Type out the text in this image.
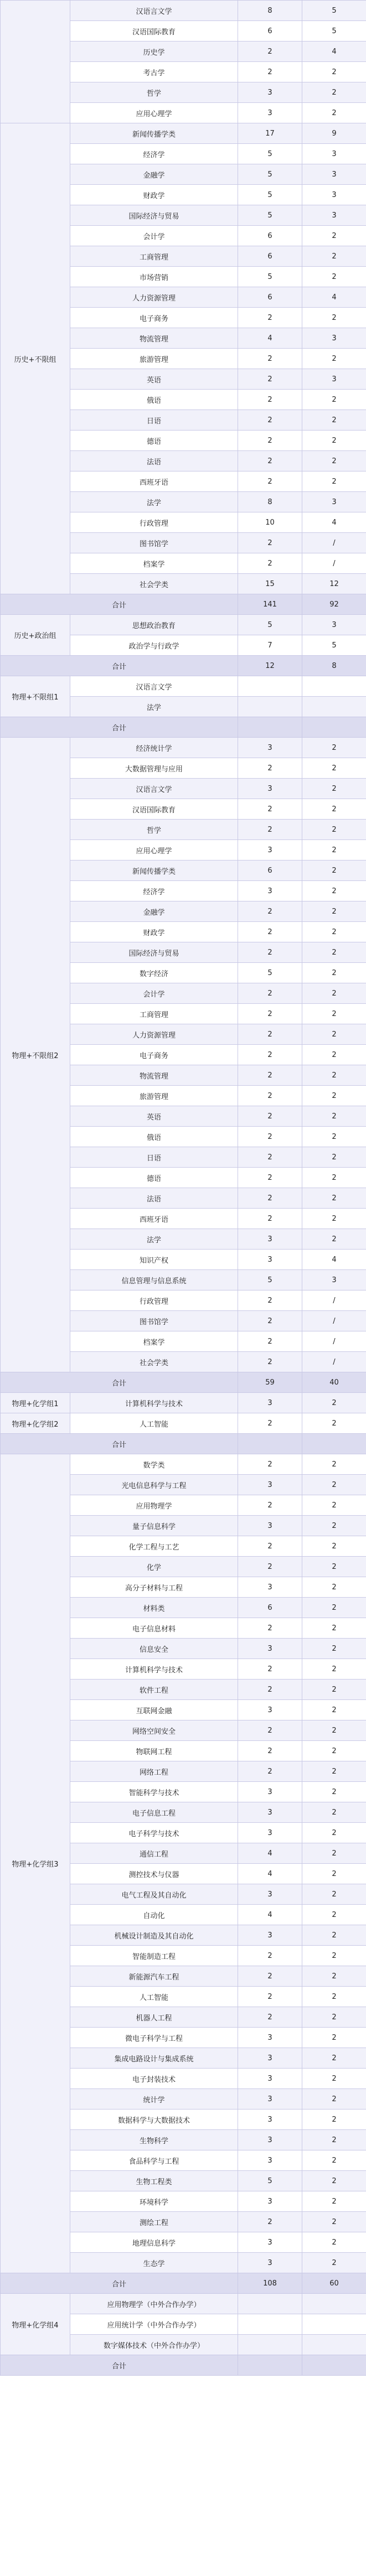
	汉语言文学	8	5
	汉语国际教育	6	5
	历史学	2	4
	考古学	2	2
	哲学	3	2
	应用心理学	3	2
历史+不限组	新闻传播学类	17	9
	经济学	5	3
	金融学	5	3
	财政学	5	3
	国际经济与贸易	5	3
	会计学	6	2
	工商管理	6	2
	市场营销	5	2
	人力资源管理	6	4
	电子商务	2	2
	物流管理	4	3
	旅游管理	2	2
	英语	2	3
	俄语	2	2
	日语	2	2
	德语	2	2
	法语	2	2
	西班牙语	2	2
	法学	8	3
	行政管理	10	4
	图书馆学	2	/
	档案学	2	/
	社会学类	15	12
合计		141	92
历史+政治组	思想政治教育	5	3
	政治学与行政学	7	5
合计		12	8
物理+不限组1	汉语言文学		
	法学		
合计			
物理+不限组2	经济统计学	3	2
	大数据管理与应用	2	2
	汉语言文学	3	2
	汉语国际教育	2	2
	哲学	2	2
	应用心理学	3	2
	新闻传播学类	6	2
	经济学	3	2
	金融学	2	2
	财政学	2	2
	国际经济与贸易	2	2
	数字经济	5	2
	会计学	2	2
	工商管理	2	2
	人力资源管理	2	2
	电子商务	2	2
	物流管理	2	2
	旅游管理	2	2
	英语	2	2
	俄语	2	2
	日语	2	2
	德语	2	2
	法语	2	2
	西班牙语	2	2
	法学	3	2
	知识产权	3	4
	信息管理与信息系统	5	3
	行政管理	2	/
	图书馆学	2	/
	档案学	2	/
	社会学类	2	/
合计		59	40
物理+化学组1	计算机科学与技术	3	2
物理+化学组2	人工智能	2	2
合计			
物理+化学组3	数学类	2	2
	光电信息科学与工程	3	2
	应用物理学	2	2
	量子信息科学	3	2
	化学工程与工艺	2	2
	化学	2	2
	高分子材料与工程	3	2
	材料类	6	2
	电子信息材料	2	2
	信息安全	3	2
	计算机科学与技术	2	2
	软件工程	2	2
	互联网金融	3	2
	网络空间安全	2	2
	物联网工程	2	2
	网络工程	2	2
	智能科学与技术	3	2
	电子信息工程	3	2
	电子科学与技术	3	2
	通信工程	4	2
	测控技术与仪器	4	2
	电气工程及其自动化	3	2
	自动化	4	2
	机械设计制造及其自动化	3	2
	智能制造工程	2	2
	新能源汽车工程	2	2
	人工智能	2	2
	机器人工程	2	2
	微电子科学与工程	3	2
	集成电路设计与集成系统	3	2
	电子封装技术	3	2
	统计学	3	2
	数据科学与大数据技术	3	2
	生物科学	3	2
	食品科学与工程	3	2
	生物工程类	5	2
	环境科学	3	2
	测绘工程	2	2
	地理信息科学	3	2
	生态学	3	2
合计		108	60
物理+化学组4	应用物理学（中外合作办学）		
	应用统计学（中外合作办学）		
	数字媒体技术（中外合作办学）		
合计			
